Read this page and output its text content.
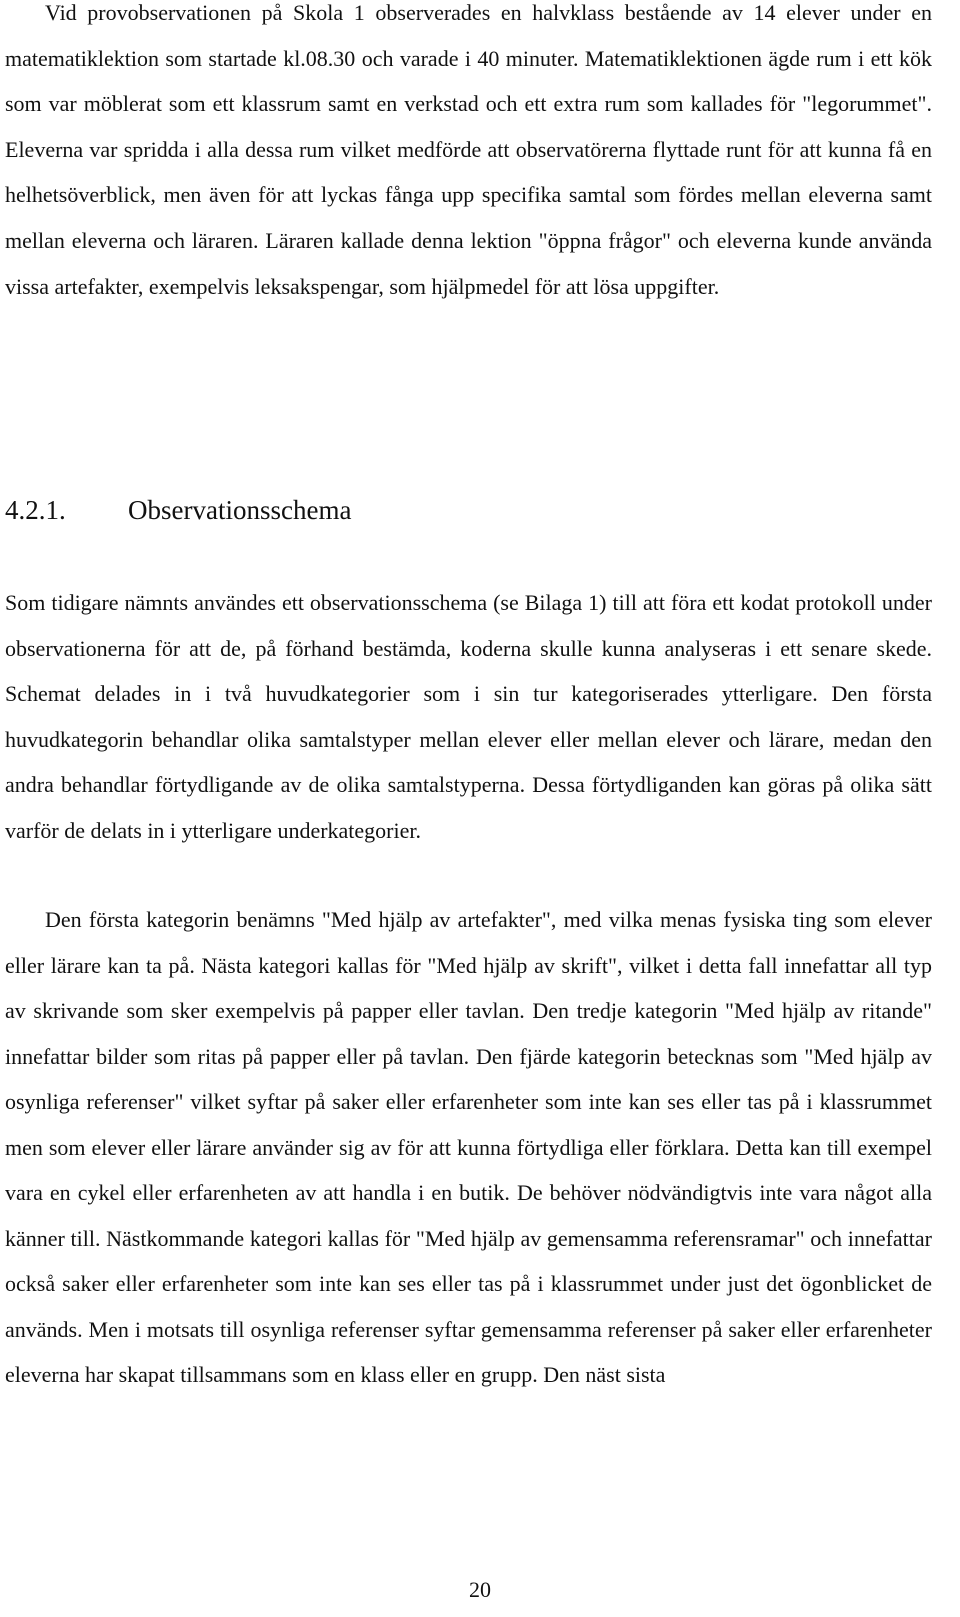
Vid provobservationen på Skola 1 observerades en halvklass bestående av 14 elever under en matematiklektion som startade kl.08.30 och varade i 40 minuter. Matematiklektionen ägde rum i ett kök som var möblerat som ett klassrum samt en verkstad och ett extra rum som kallades för "legorummet". Eleverna var spridda i alla dessa rum vilket medförde att observatörerna flyttade runt för att kunna få en helhetsöverblick, men även för att lyckas fånga upp specifika samtal som fördes mellan eleverna samt mellan eleverna och läraren. Läraren kallade denna lektion "öppna frågor" och eleverna kunde använda vissa artefakter, exempelvis leksakspengar, som hjälpmedel för att lösa uppgifter.

4.2.1. Observationsschema

Som tidigare nämnts användes ett observationsschema (se Bilaga 1) till att föra ett kodat protokoll under observationerna för att de, på förhand bestämda, koderna skulle kunna analyseras i ett senare skede. Schemat delades in i två huvudkategorier som i sin tur kategoriserades ytterligare. Den första huvudkategorin behandlar olika samtalstyper mellan elever eller mellan elever och lärare, medan den andra behandlar förtydligande av de olika samtalstyperna. Dessa förtydliganden kan göras på olika sätt varför de delats in i ytterligare underkategorier.

Den första kategorin benämns "Med hjälp av artefakter", med vilka menas fysiska ting som elever eller lärare kan ta på. Nästa kategori kallas för "Med hjälp av skrift", vilket i detta fall innefattar all typ av skrivande som sker exempelvis på papper eller tavlan. Den tredje kategorin "Med hjälp av ritande" innefattar bilder som ritas på papper eller på tavlan. Den fjärde kategorin betecknas som "Med hjälp av osynliga referenser" vilket syftar på saker eller erfarenheter som inte kan ses eller tas på i klassrummet men som elever eller lärare använder sig av för att kunna förtydliga eller förklara. Detta kan till exempel vara en cykel eller erfarenheten av att handla i en butik. De behöver nödvändigtvis inte vara något alla känner till. Nästkommande kategori kallas för "Med hjälp av gemensamma referensramar" och innefattar också saker eller erfarenheter som inte kan ses eller tas på i klassrummet under just det ögonblicket de används. Men i motsats till osynliga referenser syftar gemensamma referenser på saker eller erfarenheter eleverna har skapat tillsammans som en klass eller en grupp. Den näst sista

20
